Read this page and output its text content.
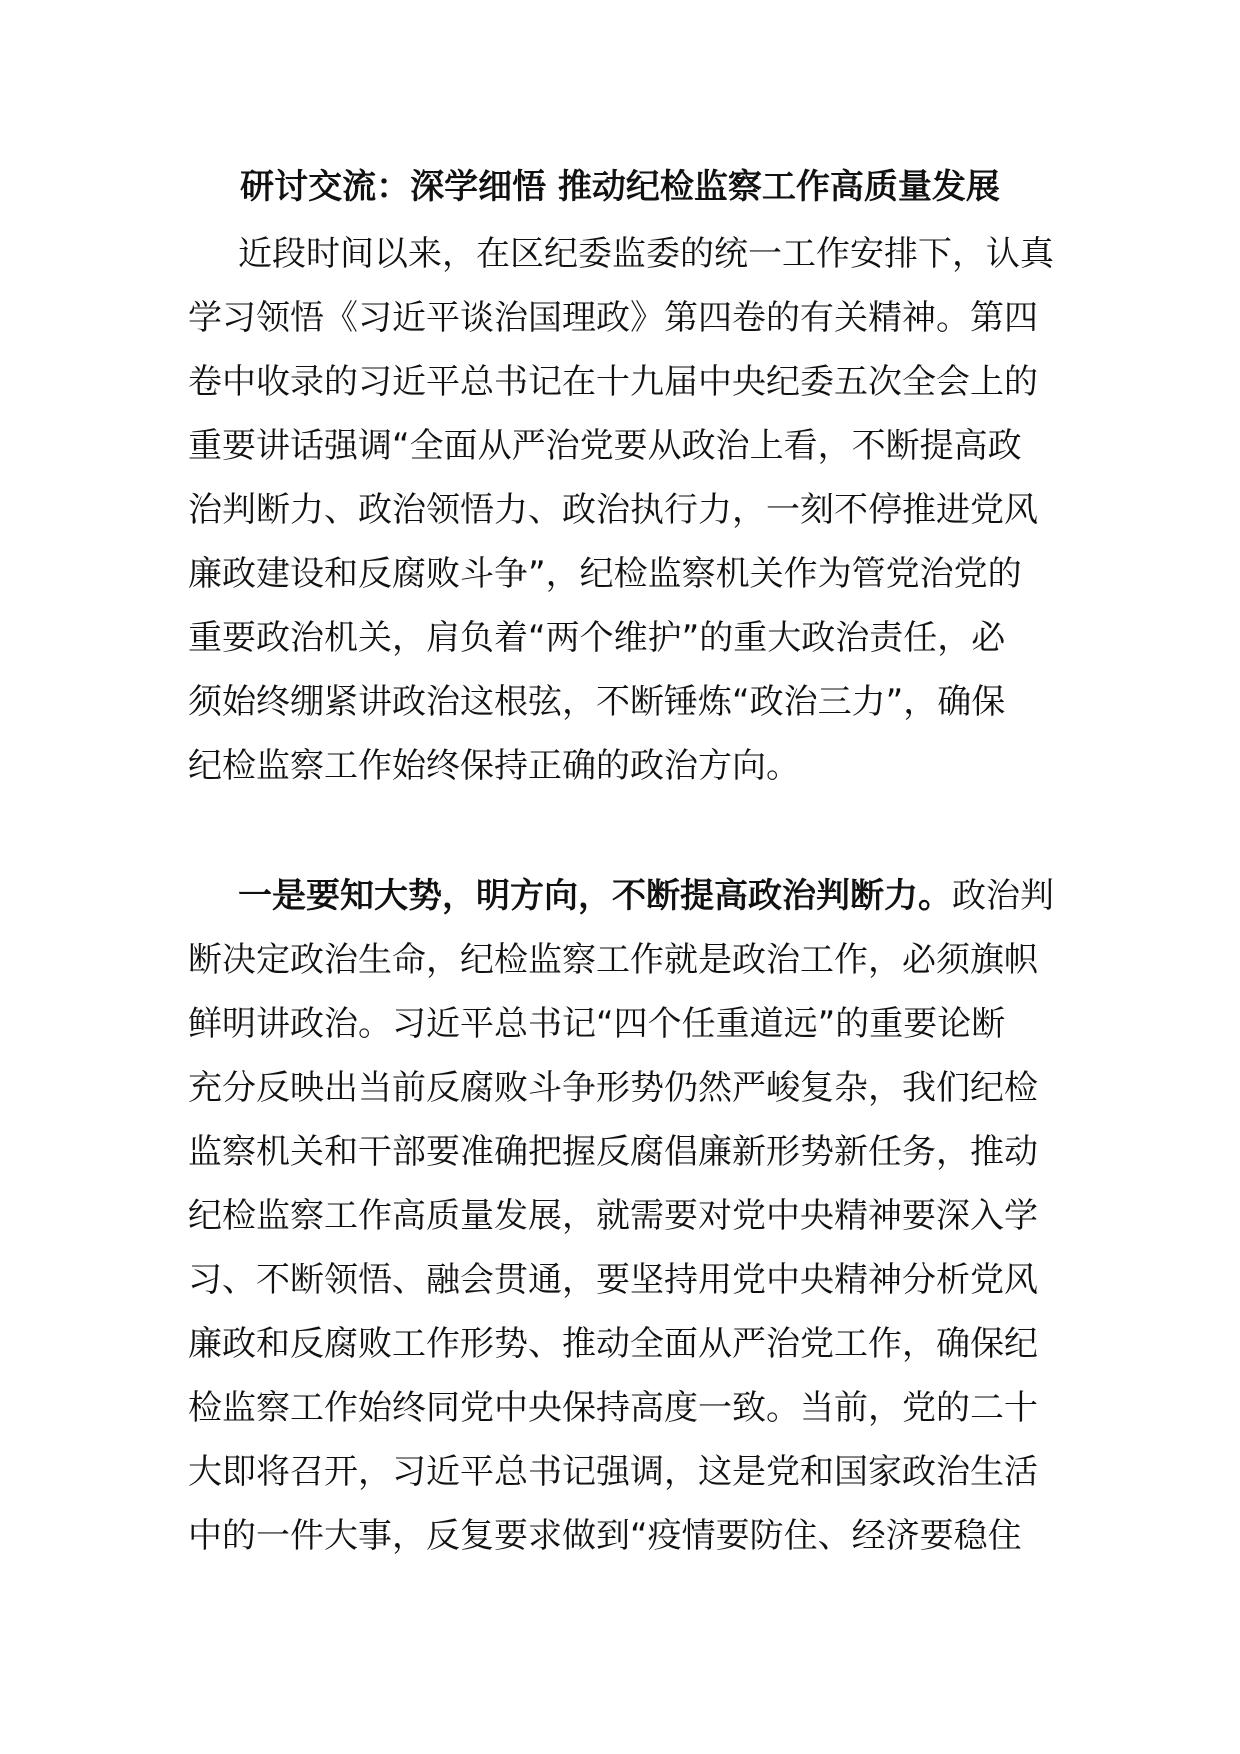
研讨交流：深学细悟 推动纪检监察工作高质量发展
近段时间以来，在区纪委监委的统一工作安排下，认真
学习领悟《习近平谈治国理政》第四卷的有关精神。第四
卷中收录的习近平总书记在十九届中央纪委五次全会上的
重要讲话强调“全面从严治党要从政治上看，不断提高政
治判断力、政治领悟力、政治执行力，一刻不停推进党风
廉政建设和反腐败斗争”，纪检监察机关作为管党治党的
重要政治机关，肩负着“两个维护”的重大政治责任，必
须始终绷紧讲政治这根弦，不断锤炼“政治三力”，确保
纪检监察工作始终保持正确的政治方向。
一是要知大势，明方向，不断提高政治判断力。政治判
断决定政治生命，纪检监察工作就是政治工作，必须旗帜
鲜明讲政治。习近平总书记“四个任重道远”的重要论断
充分反映出当前反腐败斗争形势仍然严峻复杂，我们纪检
监察机关和干部要准确把握反腐倡廉新形势新任务，推动
纪检监察工作高质量发展，就需要对党中央精神要深入学
习、不断领悟、融会贯通，要坚持用党中央精神分析党风
廉政和反腐败工作形势、推动全面从严治党工作，确保纪
检监察工作始终同党中央保持高度一致。当前，党的二十
大即将召开，习近平总书记强调，这是党和国家政治生活
中的一件大事，反复要求做到“疫情要防住、经济要稳住
